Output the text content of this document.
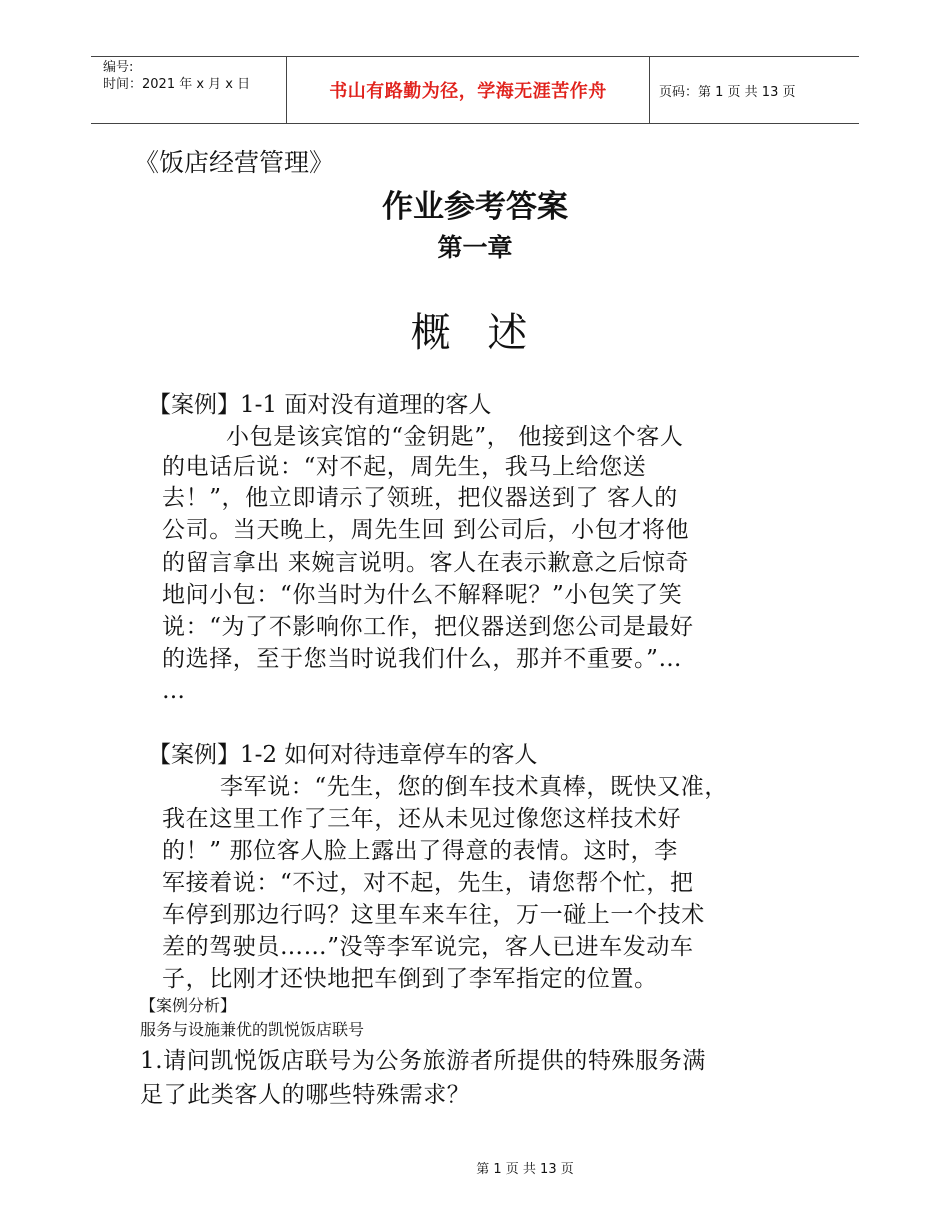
编号:
时间：2021 年 x 月 x 日	书山有路勤为径，学海无涯苦作舟	页码：第 1 页 共 13 页
《饭店经营管理》
作业参考答案
第一章
概 述
【案例】1-1 面对没有道理的客人
小包是该宾馆的“金钥匙”， 他接到这个客人
的电话后说：“对不起，周先生，我马上给您送
去！”，他立即请示了领班，把仪器送到了 客人的
公司。当天晚上，周先生回 到公司后，小包才将他
的留言拿出 来婉言说明。客人在表示歉意之后惊奇
地问小包：“你当时为什么不解释呢？”小包笑了笑
说：“为了不影响你工作，把仪器送到您公司是最好
的选择，至于您当时说我们什么，那并不重要。”…
…
【案例】1-2 如何对待违章停车的客人
李军说：“先生，您的倒车技术真棒，既快又准，
我在这里工作了三年，还从未见过像您这样技术好
的！” 那位客人脸上露出了得意的表情。这时，李
军接着说：“不过，对不起，先生，请您帮个忙，把
车停到那边行吗？这里车来车往，万一碰上一个技术
差的驾驶员……”没等李军说完，客人已进车发动车
子，比刚才还快地把车倒到了李军指定的位置。
【案例分析】
服务与设施兼优的凯悦饭店联号
1.请问凯悦饭店联号为公务旅游者所提供的特殊服务满
足了此类客人的哪些特殊需求？
第 1 页 共 13 页
